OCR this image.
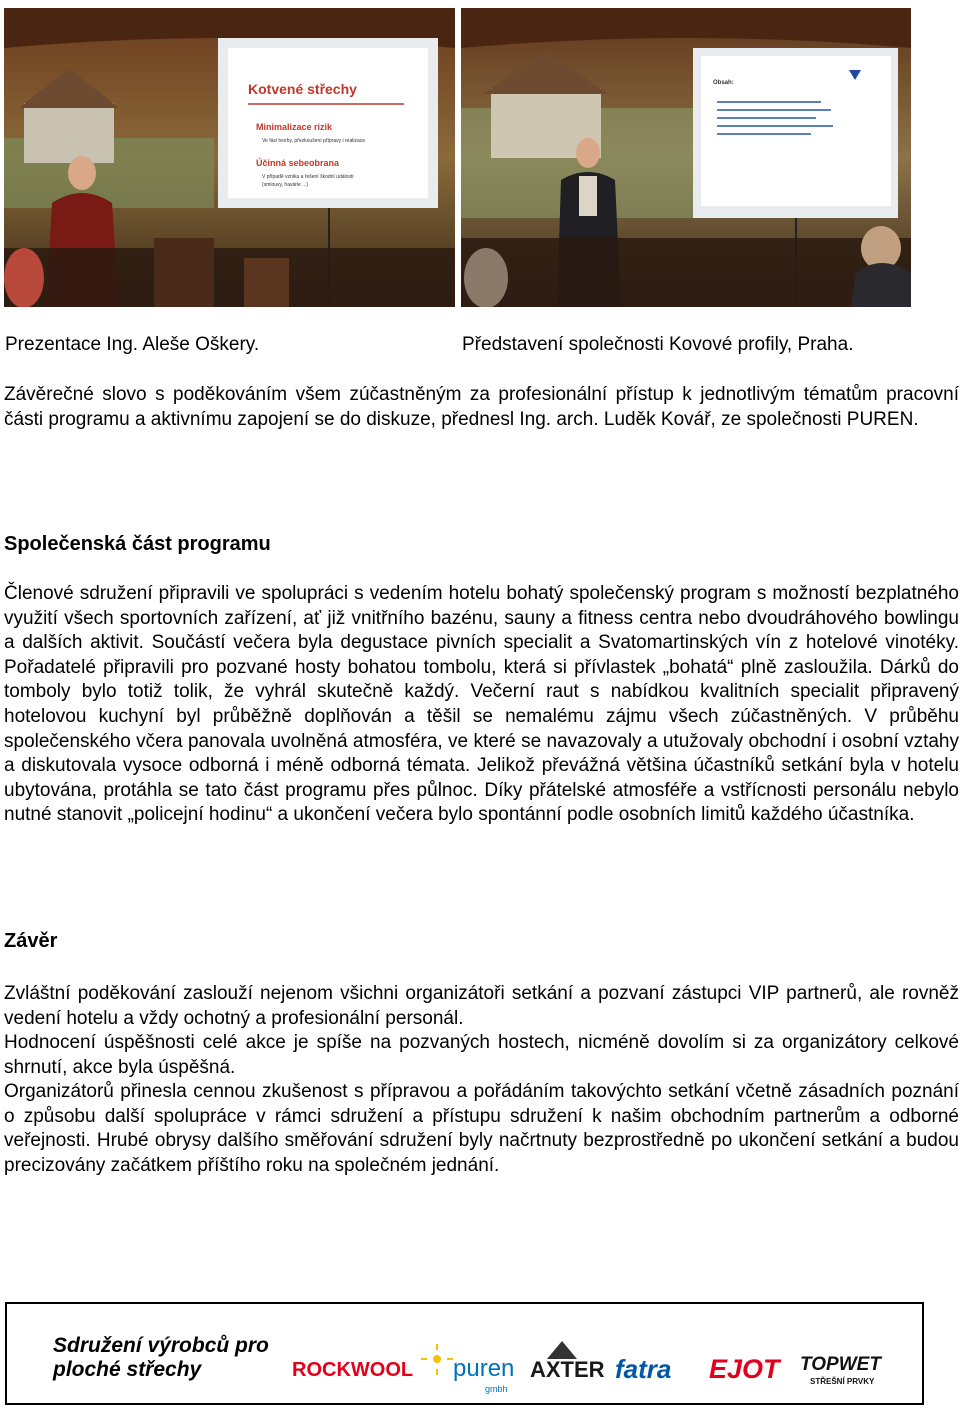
Kotvené střechy
Minimalizace rizik
Ve fázi tvorby, přezkoušení přípravy i realizace
Účinná sebeobrana
V případě vzniku a řešení škodní události
(smlouvy, havárie ...)
Obsah:
Prezentace Ing. Aleše Oškery.	Představení společnosti Kovové profily, Praha.

Závěrečné slovo s poděkováním všem zúčastněným za profesionální přístup k jednotlivým tématům pracovní části programu a aktivnímu zapojení se do diskuze, přednesl Ing. arch. Luděk Kovář, ze společnosti PUREN.

Společenská část programu

Členové sdružení připravili ve spolupráci s vedením hotelu bohatý společenský program s možností bezplatného využití všech sportovních zařízení, ať již vnitřního bazénu, sauny a fitness centra nebo dvoudráhového bowlingu a dalších aktivit. Součástí večera byla degustace pivních specialit a Svatomartinských vín z hotelové vinotéky. Pořadatelé připravili pro pozvané hosty bohatou tombolu, která si přívlastek „bohatá“ plně zasloužila. Dárků do tomboly bylo totiž tolik, že vyhrál skutečně každý. Večerní raut s nabídkou kvalitních specialit připravený hotelovou kuchyní byl průběžně doplňován a těšil se nemalému zájmu všech zúčastněných. V průběhu společenského včera panovala uvolněná atmosféra, ve které se navazovaly a utužovaly obchodní i osobní vztahy a diskutovala vysoce odborná i méně odborná témata. Jelikož převážná většina účastníků setkání byla v hotelu ubytována, protáhla se tato část programu přes půlnoc. Díky přátelské atmosféře a vstřícnosti personálu nebylo nutné stanovit „policejní hodinu“ a ukončení večera bylo spontánní podle osobních limitů každého účastníka.

Závěr

Zvláštní poděkování zaslouží nejenom všichni organizátoři setkání a pozvaní zástupci VIP partnerů, ale rovněž vedení hotelu a vždy ochotný a profesionální personál.

Hodnocení úspěšnosti celé akce je spíše na pozvaných hostech, nicméně dovolím si za organizátory celkové shrnutí, akce byla úspěšná.

Organizátorů přinesla cennou zkušenost s přípravou a pořádáním takovýchto setkání včetně zásadních poznání o způsobu další spolupráce v rámci sdružení a přístupu sdružení k našim obchodním partnerům a odborné veřejnosti. Hrubé obrysy dalšího směřování sdružení byly načrtnuty bezprostředně po ukončení setkání a budou precizovány začátkem příštího roku na společném jednání.

Sdružení výrobců pro
ploché střechy	ROCKWOOL puren
gmbh
AXTER fatra EJOT TOPWET
STŘEŠNÍ PRVKY
